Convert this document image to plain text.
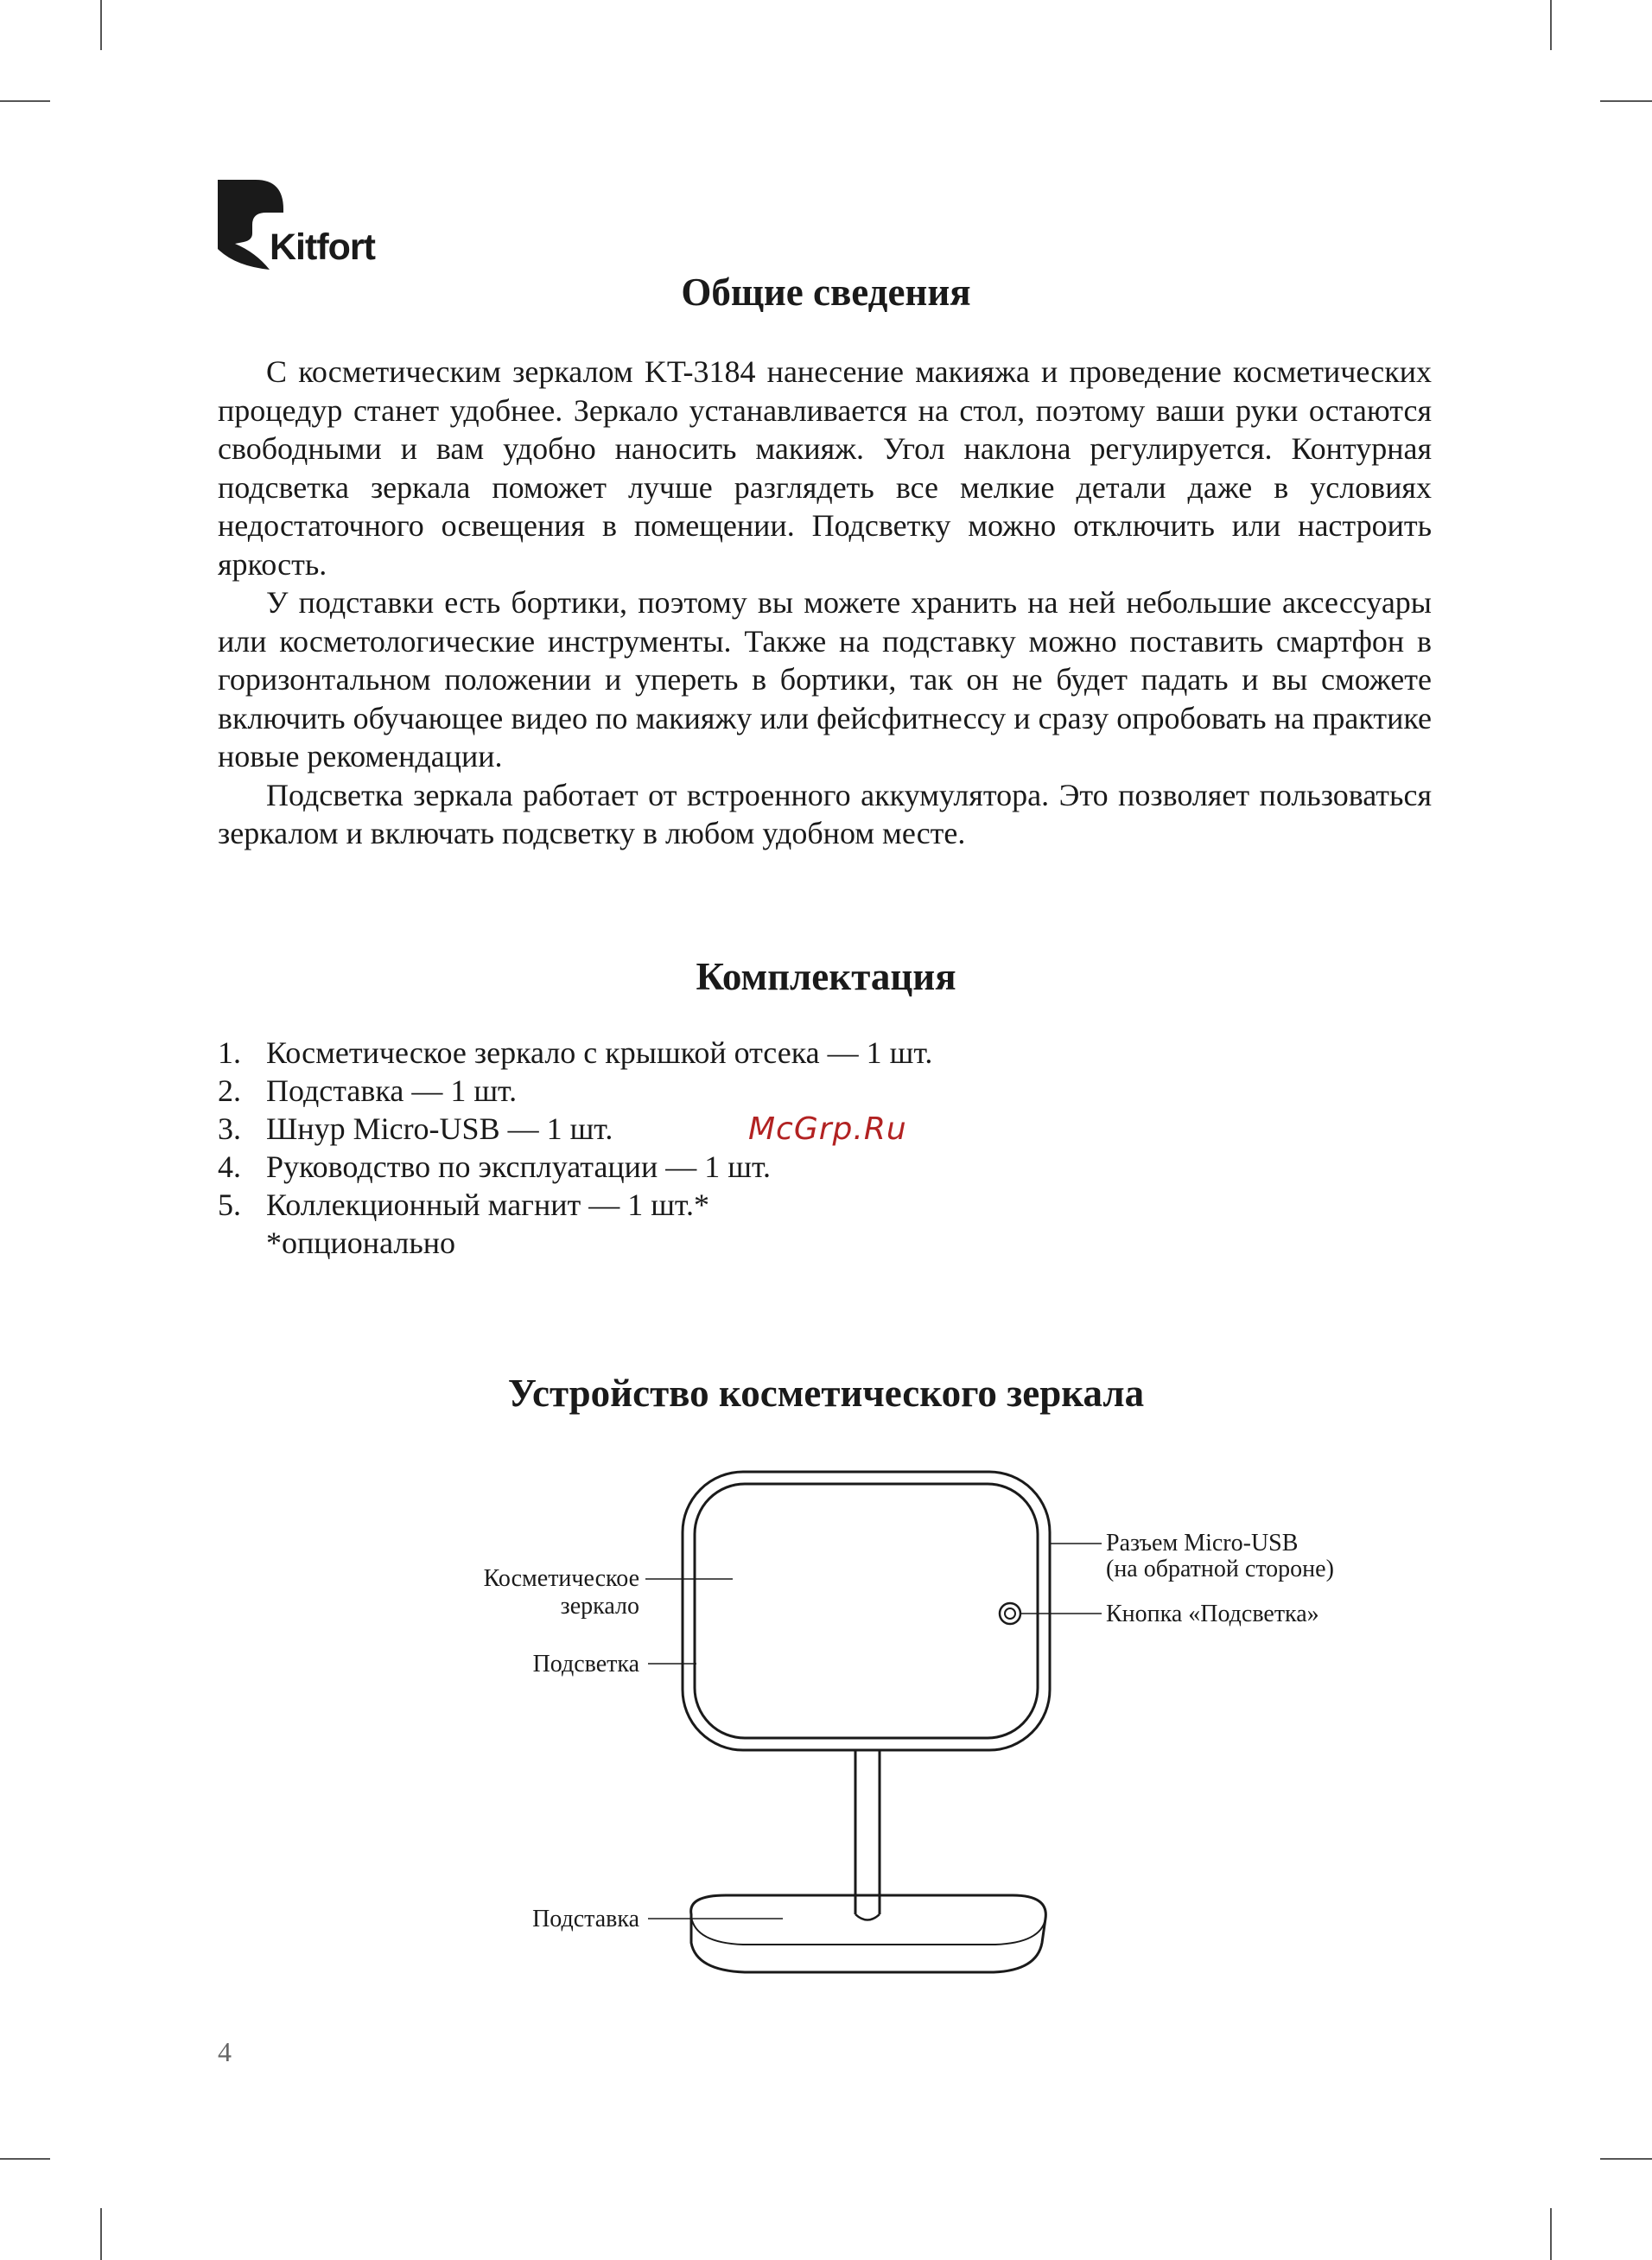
Kitfort
Общие сведения

С косметическим зеркалом KT-3184 нанесение макияжа и проведение косметических процедур станет удобнее. Зеркало устанавливается на стол, поэтому ваши руки остаются свободными и вам удобно наносить макияж. Угол наклона регулируется. Контурная подсветка зеркала поможет лучше разглядеть все мелкие детали даже в условиях недостаточного освещения в помещении. Подсветку можно отключить или настроить яркость.

У подставки есть бортики, поэтому вы можете хранить на ней небольшие аксессуары или косметологические инструменты. Также на подставку можно поставить смартфон в горизонтальном положении и упереть в бортики, так он не будет падать и вы сможете включить обучающее видео по макияжу или фейсфитнессу и сразу опробовать на практике новые рекомендации.

Подсветка зеркала работает от встроенного аккумулятора. Это позволяет пользоваться зеркалом и включать подсветку в любом удобном месте.

Комплектация
1. Косметическое зеркало с крышкой отсека — 1 шт.
2. Подставка — 1 шт.
3. Шнур Micro-USB — 1 шт.
4. Руководство по эксплуатации — 1 шт.
5. Коллекционный магнит — 1 шт.*
*опционально
McGrp.Ru
Устройство косметического зеркала
Косметическое
зеркало
Подсветка
Подставка
Разъем Micro-USB
(на обратной стороне)
Кнопка «Подсветка»
4
